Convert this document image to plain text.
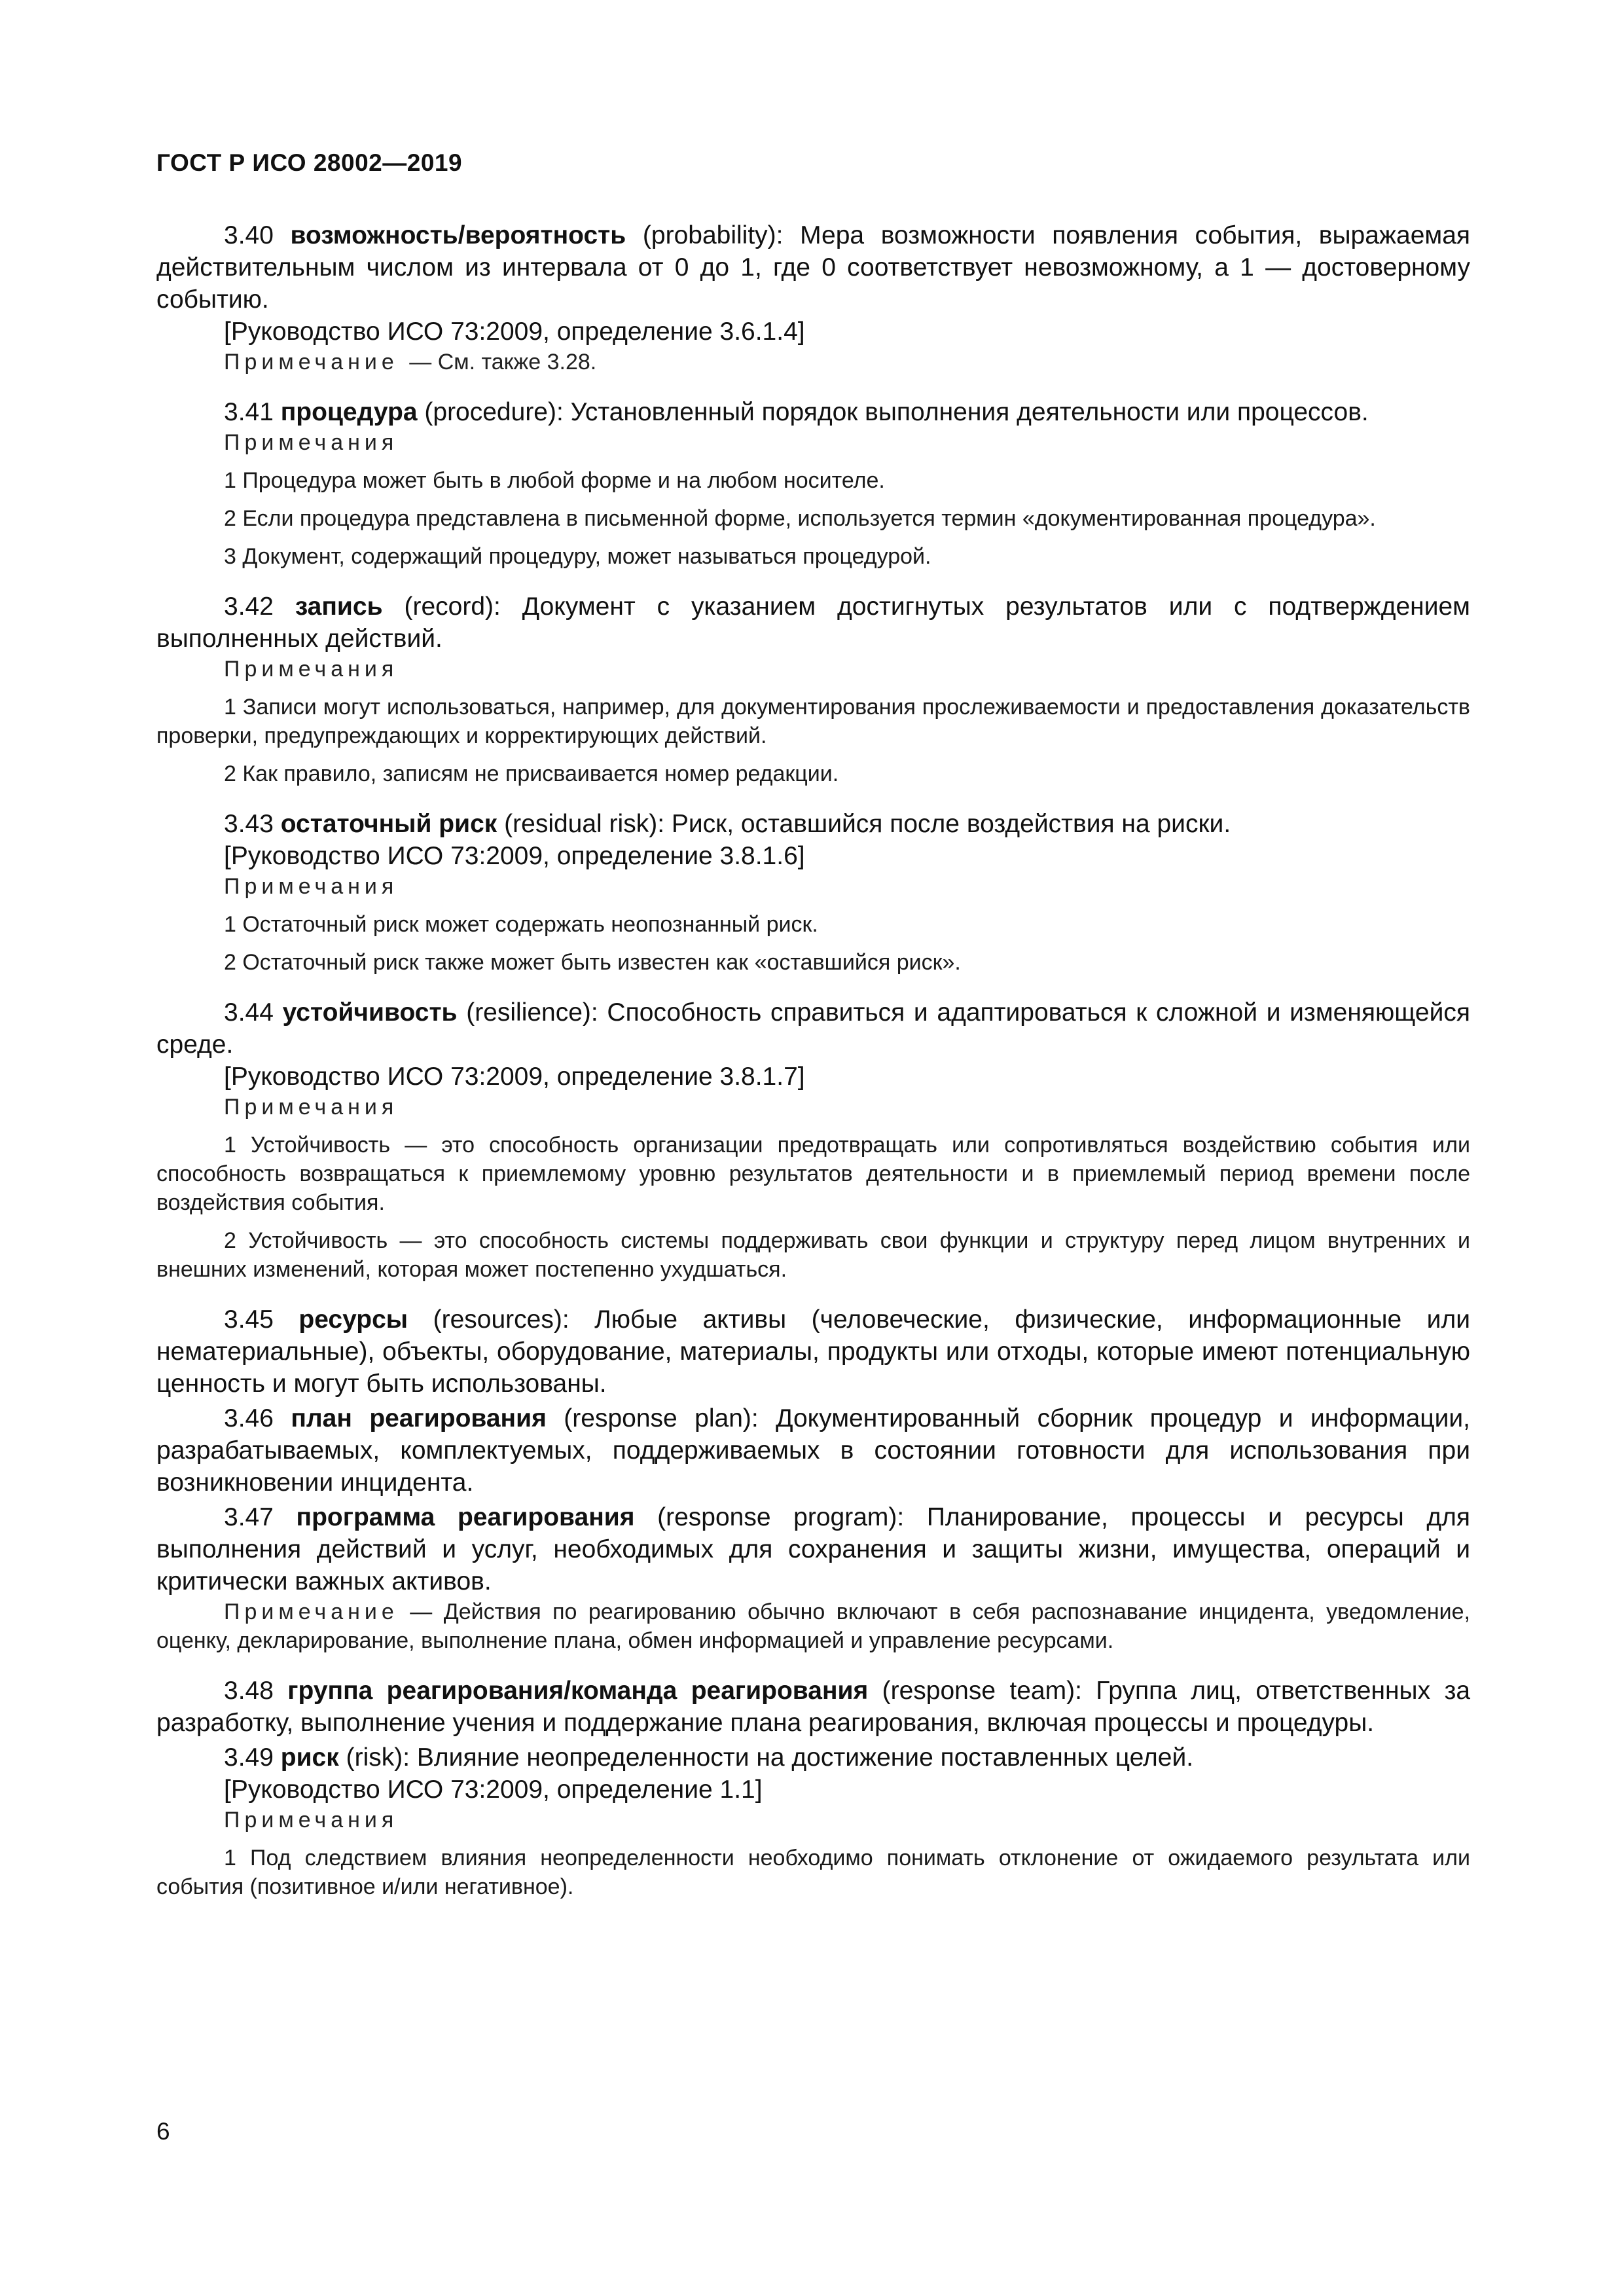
ГОСТ Р ИСО 28002—2019

3.40 возможность/вероятность (probability): Мера возможности появления события, выражаемая действительным числом из интервала от 0 до 1, где 0 соответствует невозможному, а 1 — достоверному событию.

[Руководство ИСО 73:2009, определение 3.6.1.4]

Примечание — См. также 3.28.

3.41 процедура (procedure): Установленный порядок выполнения деятельности или процессов.

Примечания

1 Процедура может быть в любой форме и на любом носителе.

2 Если процедура представлена в письменной форме, используется термин «документированная процедура».

3 Документ, содержащий процедуру, может называться процедурой.

3.42 запись (record): Документ с указанием достигнутых результатов или с подтверждением выполненных действий.

Примечания

1 Записи могут использоваться, например, для документирования прослеживаемости и предоставления доказательств проверки, предупреждающих и корректирующих действий.

2 Как правило, записям не присваивается номер редакции.

3.43 остаточный риск (residual risk): Риск, оставшийся после воздействия на риски.

[Руководство ИСО 73:2009, определение 3.8.1.6]

Примечания

1 Остаточный риск может содержать неопознанный риск.

2 Остаточный риск также может быть известен как «оставшийся риск».

3.44 устойчивость (resilience): Способность справиться и адаптироваться к сложной и изменяющейся среде.

[Руководство ИСО 73:2009, определение 3.8.1.7]

Примечания

1 Устойчивость — это способность организации предотвращать или сопротивляться воздействию события или способность возвращаться к приемлемому уровню результатов деятельности и в приемлемый период времени после воздействия события.

2 Устойчивость — это способность системы поддерживать свои функции и структуру перед лицом внутренних и внешних изменений, которая может постепенно ухудшаться.

3.45 ресурсы (resources): Любые активы (человеческие, физические, информационные или нематериальные), объекты, оборудование, материалы, продукты или отходы, которые имеют потенциальную ценность и могут быть использованы.

3.46 план реагирования (response plan): Документированный сборник процедур и информации, разрабатываемых, комплектуемых, поддерживаемых в состоянии готовности для использования при возникновении инцидента.

3.47 программа реагирования (response program): Планирование, процессы и ресурсы для выполнения действий и услуг, необходимых для сохранения и защиты жизни, имущества, операций и критически важных активов.

Примечание — Действия по реагированию обычно включают в себя распознавание инцидента, уведомление, оценку, декларирование, выполнение плана, обмен информацией и управление ресурсами.

3.48 группа реагирования/команда реагирования (response team): Группа лиц, ответственных за разработку, выполнение учения и поддержание плана реагирования, включая процессы и процедуры.

3.49 риск (risk): Влияние неопределенности на достижение поставленных целей.

[Руководство ИСО 73:2009, определение 1.1]

Примечания

1 Под следствием влияния неопределенности необходимо понимать отклонение от ожидаемого результата или события (позитивное и/или негативное).

6
